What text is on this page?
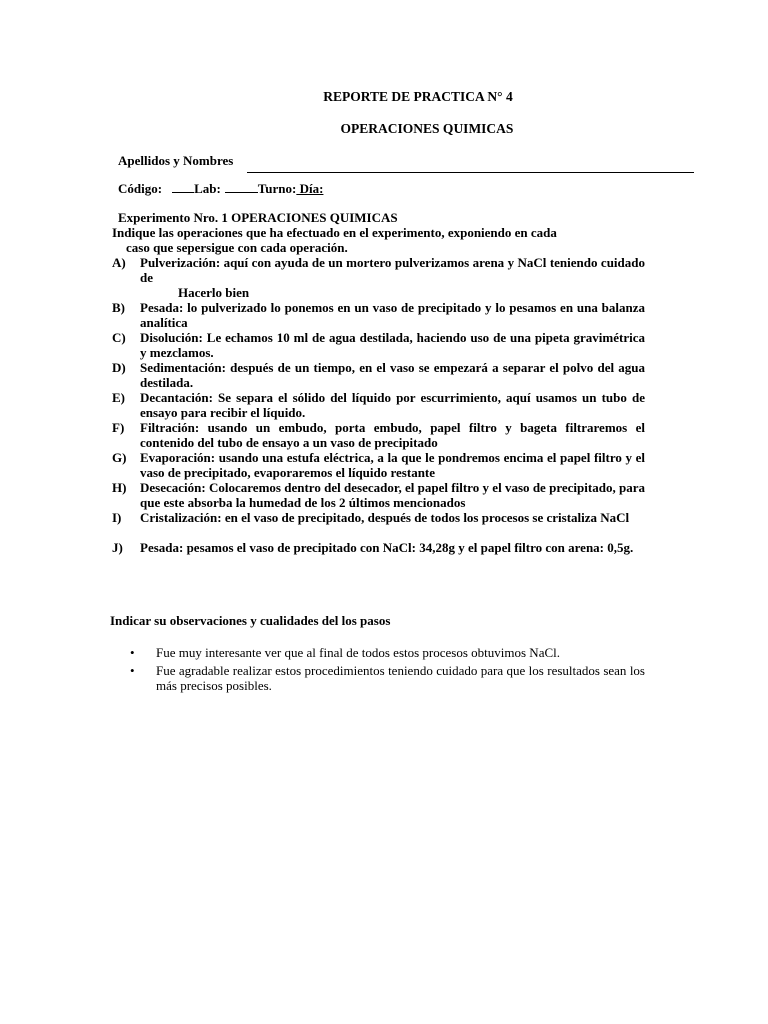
REPORTE DE PRACTICA N° 4
OPERACIONES QUIMICAS
Apellidos y Nombres
Código: Lab:	Turno: Día:
Experimento Nro. 1 OPERACIONES QUIMICAS
Indique las operaciones que ha efectuado en el experimento, exponiendo en cada
caso que sepersigue con cada operación.
A) Pulverización: aquí con ayuda de un mortero pulverizamos arena y NaCl teniendo cuidado de
Hacerlo bien
B) Pesada: lo pulverizado lo ponemos en un vaso de precipitado y lo pesamos en una balanza analítica
C) Disolución: Le echamos 10 ml de agua destilada, haciendo uso de una pipeta gravimétrica y mezclamos.
D) Sedimentación: después de un tiempo, en el vaso se empezará a separar el polvo del agua destilada.
E) Decantación: Se separa el sólido del líquido por escurrimiento, aquí usamos un tubo de ensayo para recibir el líquido.
F) Filtración: usando un embudo, porta embudo, papel filtro y bageta filtraremos el contenido del tubo de ensayo a un vaso de precipitado
G) Evaporación: usando una estufa eléctrica, a la que le pondremos encima el papel filtro y el vaso de precipitado, evaporaremos el líquido restante
H) Desecación: Colocaremos dentro del desecador, el papel filtro y el vaso de precipitado, para que este absorba la humedad de los 2 últimos mencionados
I) Cristalización: en el vaso de precipitado, después de todos los procesos se cristaliza NaCl
J) Pesada: pesamos el vaso de precipitado con NaCl: 34,28g y el papel filtro con arena: 0,5g.
Indicar su observaciones y cualidades del los pasos
• Fue muy interesante ver que al final de todos estos procesos obtuvimos NaCl.
• Fue agradable realizar estos procedimientos teniendo cuidado para que los resultados sean los más precisos posibles.
